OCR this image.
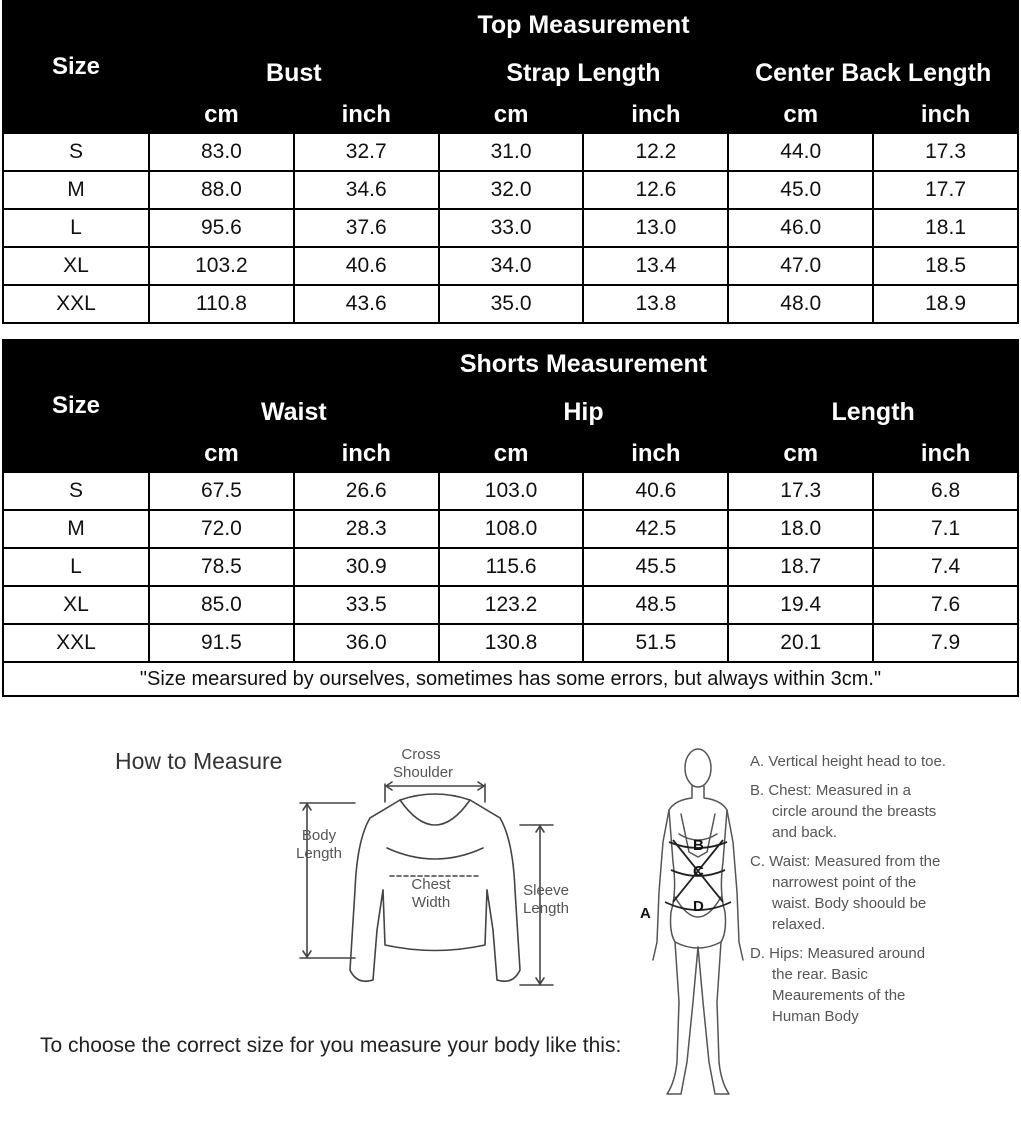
Size	Top Measurement					
	Bust		Strap Length		Center Back Length	
	cm	inch	cm	inch	cm	inch
S	83.0	32.7	31.0	12.2	44.0	17.3
M	88.0	34.6	32.0	12.6	45.0	17.7
L	95.6	37.6	33.0	13.0	46.0	18.1
XL	103.2	40.6	34.0	13.4	47.0	18.5
XXL	110.8	43.6	35.0	13.8	48.0	18.9
Size	Shorts Measurement					
	Waist		Hip		Length	
	cm	inch	cm	inch	cm	inch
S	67.5	26.6	103.0	40.6	17.3	6.8
M	72.0	28.3	108.0	42.5	18.0	7.1
L	78.5	30.9	115.6	45.5	18.7	7.4
XL	85.0	33.5	123.2	48.5	19.4	7.6
XXL	91.5	36.0	130.8	51.5	20.1	7.9
"Size mearsured by ourselves, sometimes has some errors, but always within 3cm."						
How to Measure	Cross Shoulder
Body Length
Chest Width
Sleeve Length
To choose the correct size for you measure your body like this:
A
B
C
D
A. Vertical height head to toe.
B. Chest: Measured in a circle around the breasts and back.
C. Waist: Measured from the narrowest point of the waist. Body shoould be relaxed.
D. Hips: Measured around the rear. Basic Meaurements of the Human Body
